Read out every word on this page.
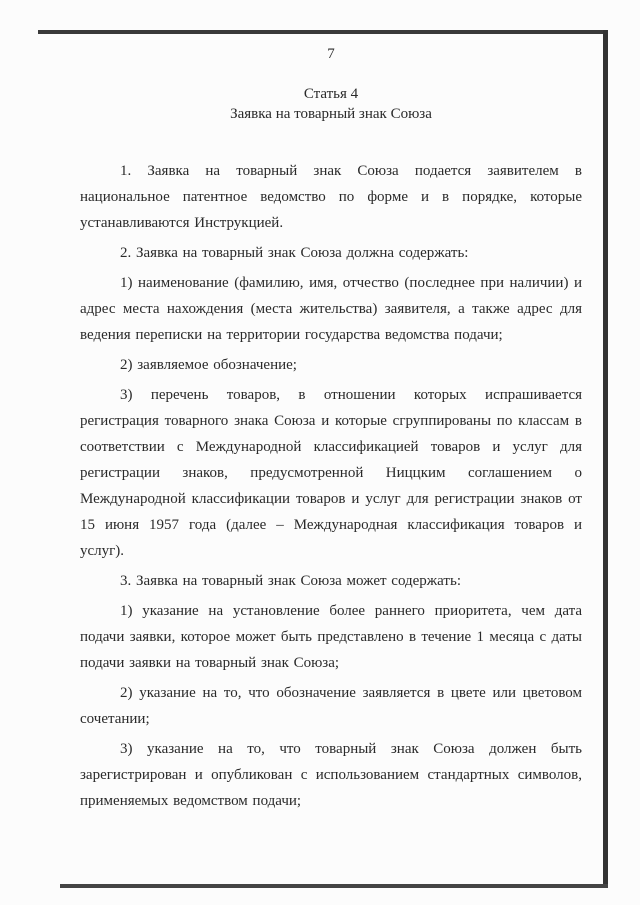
7
Статья 4
Заявка на товарный знак Союза

1. Заявка на товарный знак Союза подается заявителем в национальное патентное ведомство по форме и в порядке, которые устанавливаются Инструкцией.

2. Заявка на товарный знак Союза должна содержать:

1) наименование (фамилию, имя, отчество (последнее при наличии) и адрес места нахождения (места жительства) заявителя, а также адрес для ведения переписки на территории государства ведомства подачи;

2) заявляемое обозначение;

3) перечень товаров, в отношении которых испрашивается регистрация товарного знака Союза и которые сгруппированы по классам в соответствии с Международной классификацией товаров и услуг для регистрации знаков, предусмотренной Ниццким соглашением о Международной классификации товаров и услуг для регистрации знаков от 15 июня 1957 года (далее – Международная классификация товаров и услуг).

3. Заявка на товарный знак Союза может содержать:

1) указание на установление более раннего приоритета, чем дата подачи заявки, которое может быть представлено в течение 1 месяца с даты подачи заявки на товарный знак Союза;

2) указание на то, что обозначение заявляется в цвете или цветовом сочетании;

3) указание на то, что товарный знак Союза должен быть зарегистрирован и опубликован с использованием стандартных символов, применяемых ведомством подачи;
